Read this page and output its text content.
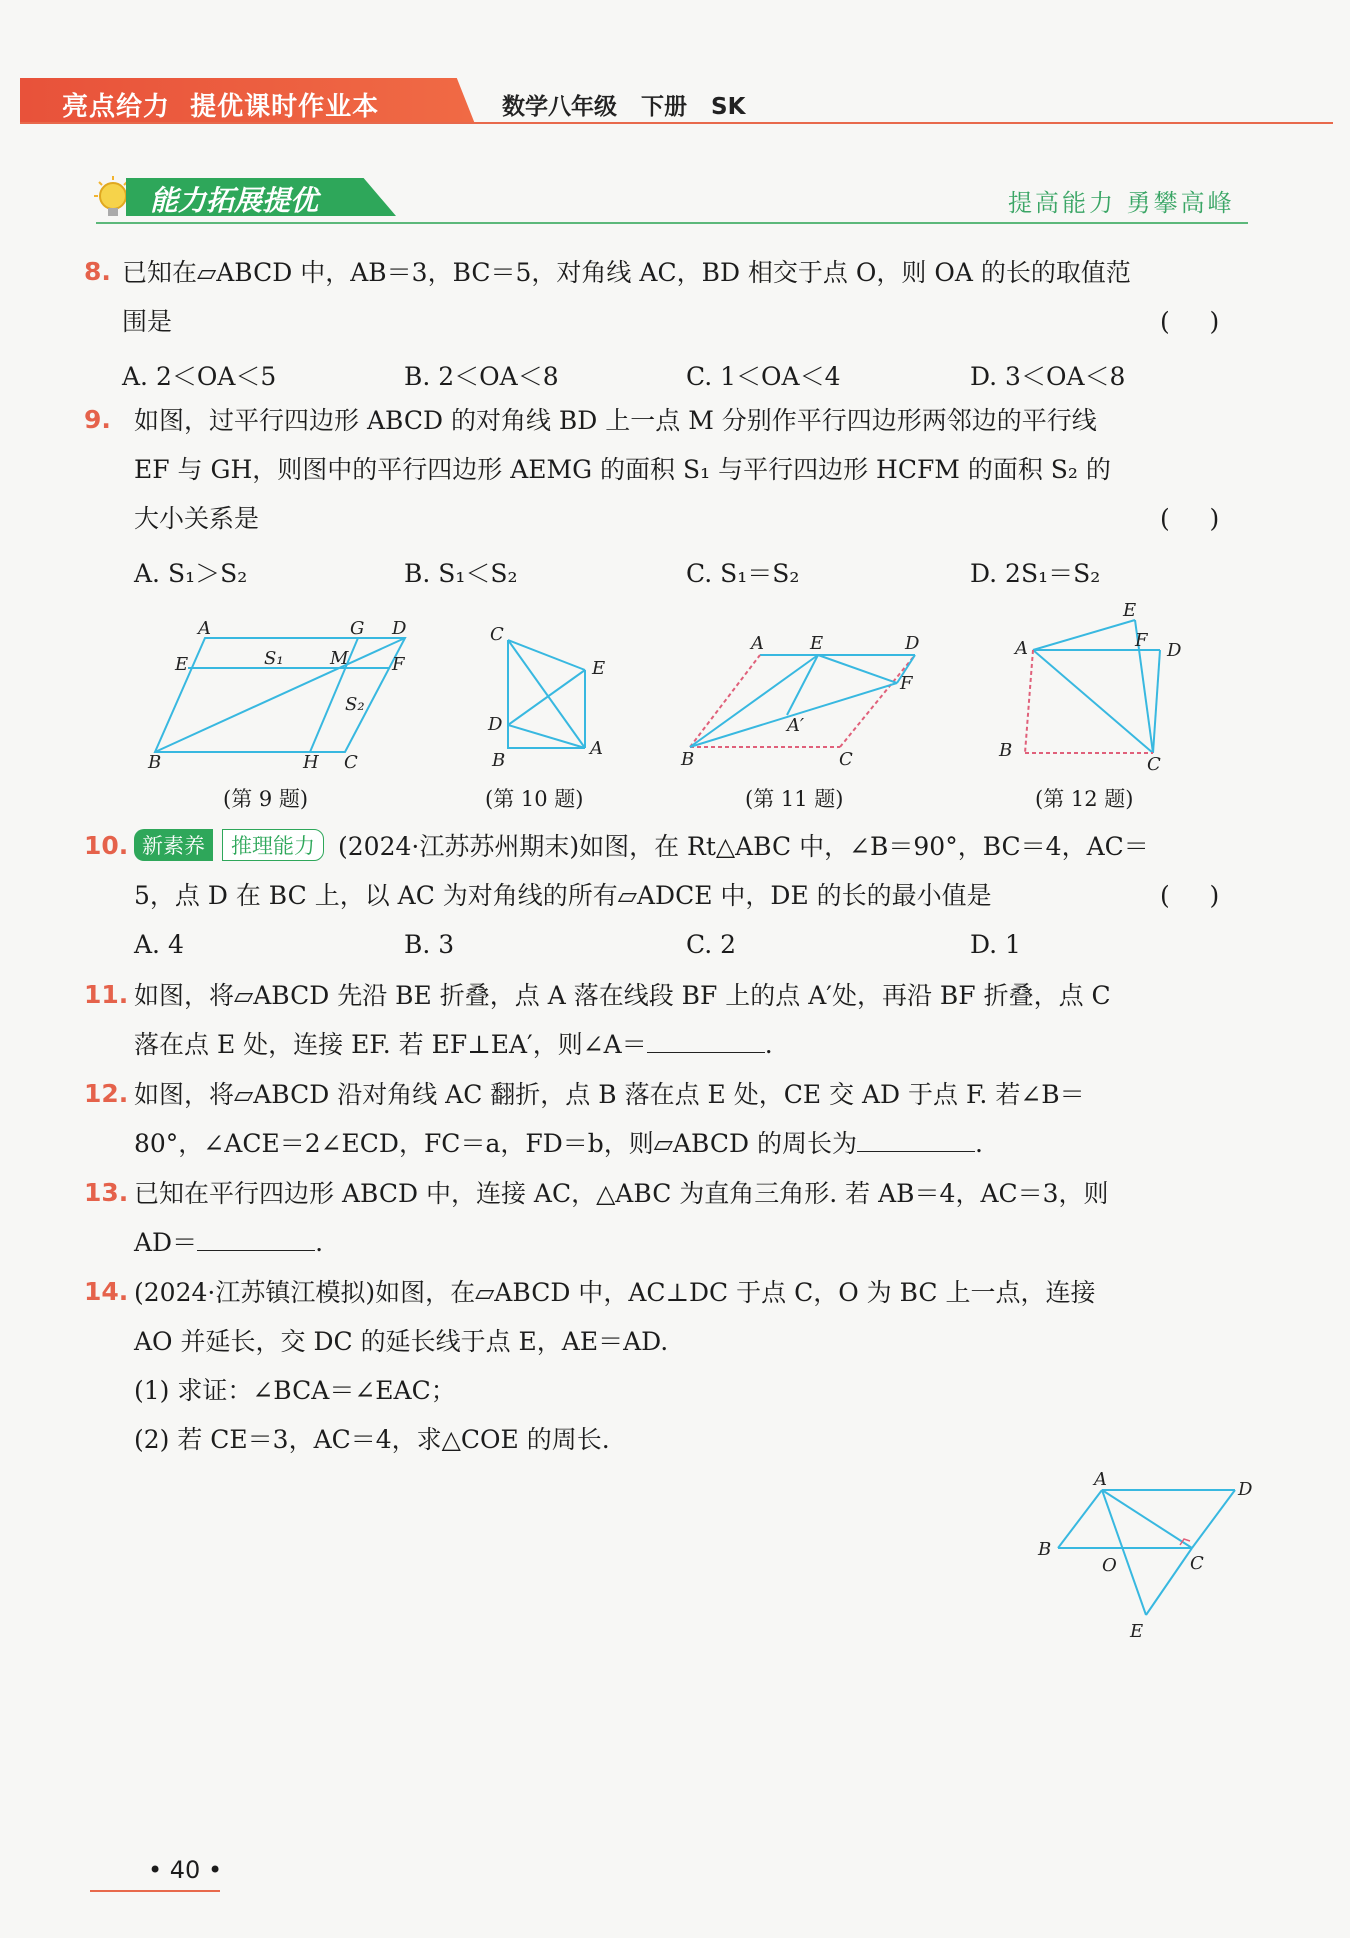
亮点给力  提优课时作业本	数学八年级   下册   SK
能力拓展提优	提高能力 勇攀高峰
8. 已知在▱ABCD 中，AB＝3，BC＝5，对角线 AC，BD 相交于点 O，则 OA 的长的取值范
围是	(     )
A. 2＜OA＜5	B. 2＜OA＜8	C. 1＜OA＜4	D. 3＜OA＜8
9. 如图，过平行四边形 ABCD 的对角线 BD 上一点 M 分别作平行四边形两邻边的平行线
EF 与 GH，则图中的平行四边形 AEMG 的面积 S₁ 与平行四边形 HCFM 的面积 S₂ 的
大小关系是	(     )
A. S₁＞S₂	B. S₁＜S₂	C. S₁＝S₂	D. 2S₁＝S₂
A	G D
E	S₁	M F
S₂
B	H C
(第 9 题)
C
E
D
B
A
(第 10 题)
A	E	D
F
A′
B	C
(第 11 题)
E
A	F D
B
C
(第 12 题)
10. 新素养	推理能力 (2024·江苏苏州期末)如图，在 Rt△ABC 中，∠B＝90°，BC＝4，AC＝
5，点 D 在 BC 上，以 AC 为对角线的所有▱ADCE 中，DE 的长的最小值是	(     )
A. 4	B. 3	C. 2	D. 1
11. 如图，将▱ABCD 先沿 BE 折叠，点 A 落在线段 BF 上的点 A′处，再沿 BF 折叠，点 C
落在点 E 处，连接 EF. 若 EF⊥EA′，则∠A＝	.
12. 如图，将▱ABCD 沿对角线 AC 翻折，点 B 落在点 E 处，CE 交 AD 于点 F. 若∠B＝
80°，∠ACE＝2∠ECD，FC＝a，FD＝b，则▱ABCD 的周长为	.
13. 已知在平行四边形 ABCD 中，连接 AC，△ABC 为直角三角形. 若 AB＝4，AC＝3，则
AD＝	.
14. (2024·江苏镇江模拟)如图，在▱ABCD 中，AC⊥DC 于点 C，O 为 BC 上一点，连接
AO 并延长，交 DC 的延长线于点 E，AE＝AD.
(1) 求证：∠BCA＝∠EAC；
(2) 若 CE＝3，AC＝4，求△COE 的周长.
A	D
B
O	C
E
• 40 •
